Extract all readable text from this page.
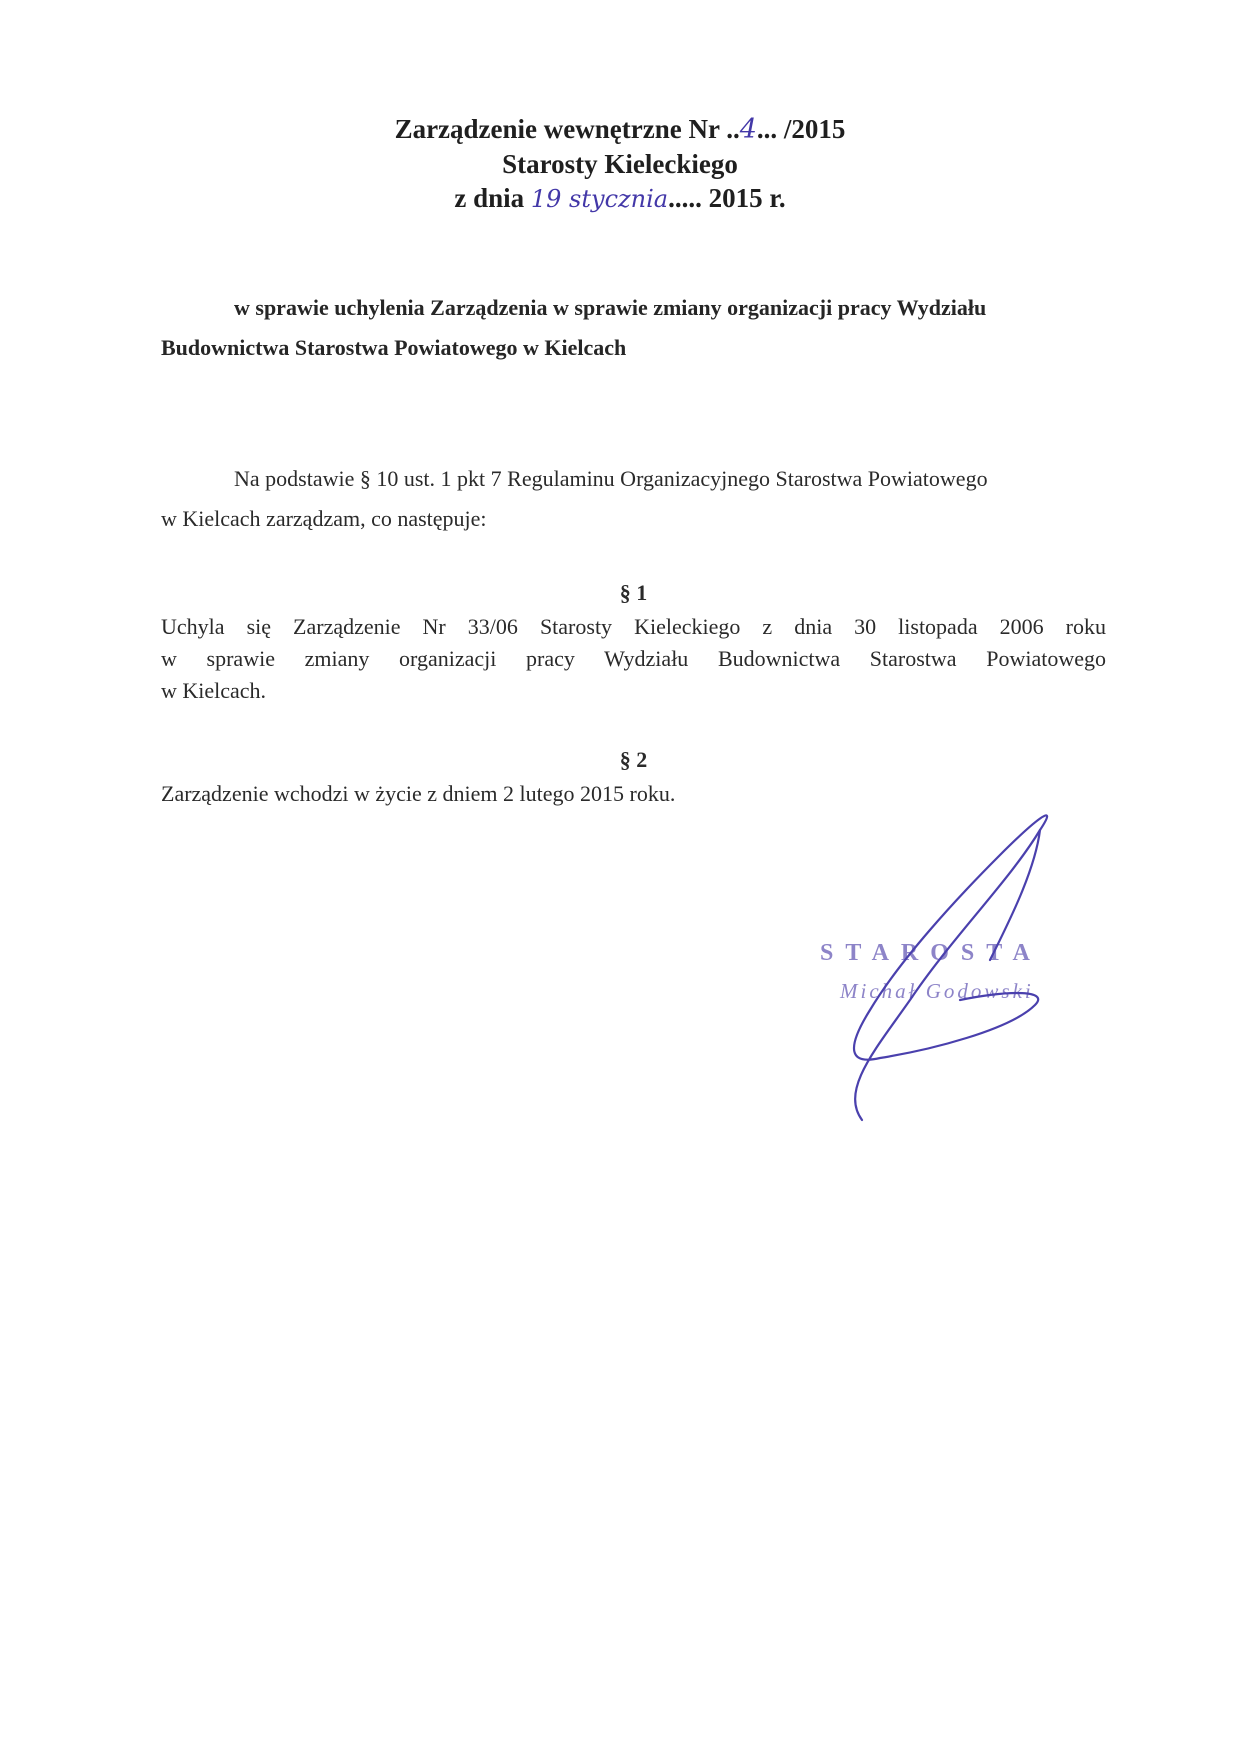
Zarządzenie wewnętrzne Nr ..4... /2015
Starosty Kieleckiego
z dnia 19 stycznia..... 2015 r.
w sprawie uchylenia Zarządzenia w sprawie zmiany organizacji pracy Wydziału
Budownictwa Starostwa Powiatowego w Kielcach
Na podstawie § 10 ust. 1 pkt 7 Regulaminu Organizacyjnego Starostwa Powiatowego
w Kielcach zarządzam, co następuje:
§ 1
Uchyla się Zarządzenie Nr 33/06 Starosty Kieleckiego z dnia 30 listopada 2006 roku
w sprawie zmiany organizacji pracy Wydziału Budownictwa Starostwa Powiatowego
w Kielcach.
§ 2
Zarządzenie wchodzi w życie z dniem 2 lutego 2015 roku.
STAROSTA
Michał Godowski
